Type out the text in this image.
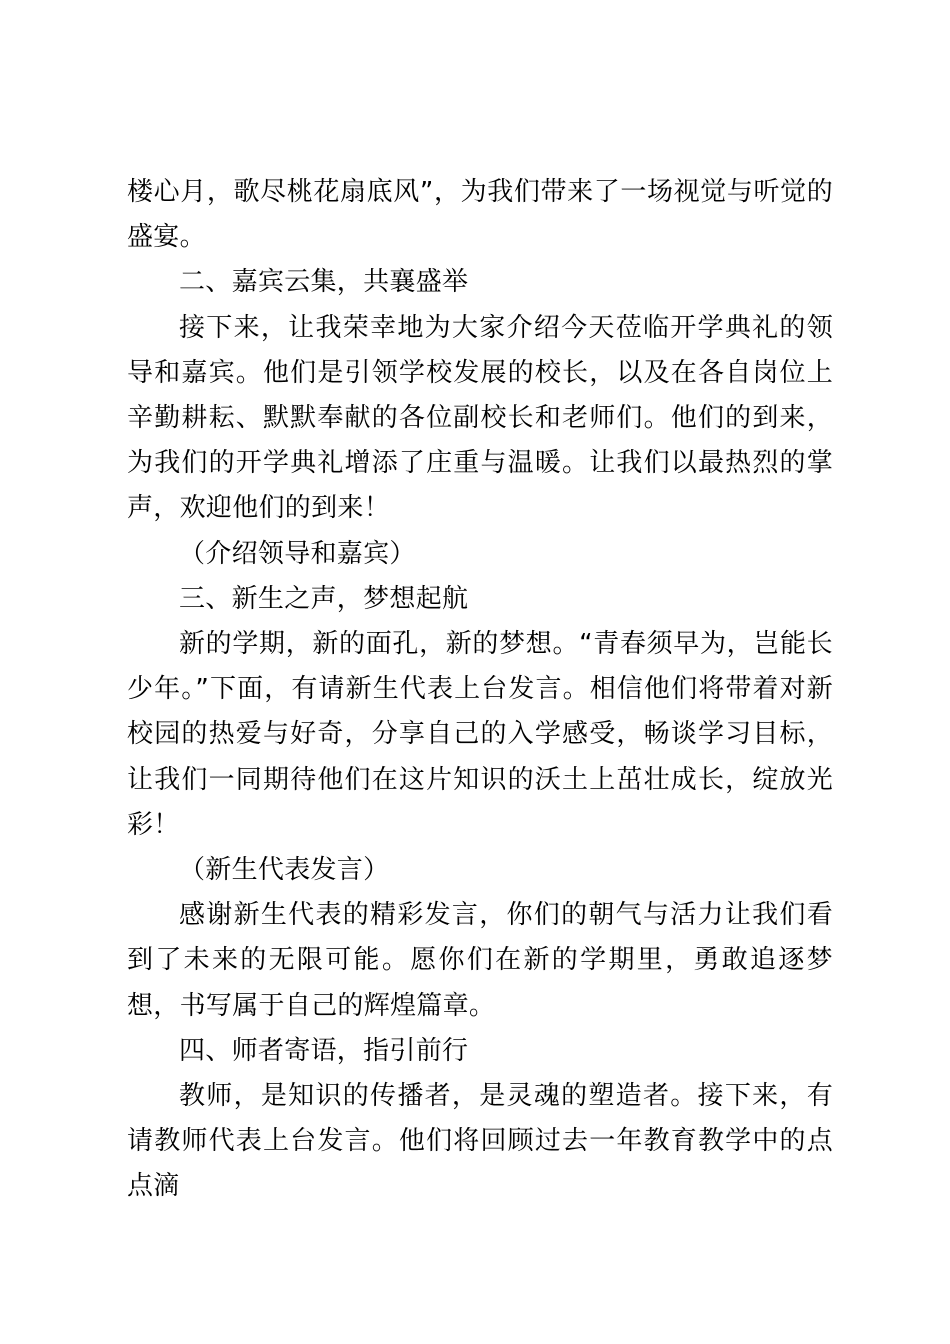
楼心月，歌尽桃花扇底风”，为我们带来了一场视觉与听觉的盛宴。

二、嘉宾云集，共襄盛举

接下来，让我荣幸地为大家介绍今天莅临开学典礼的领导和嘉宾。他们是引领学校发展的校长，以及在各自岗位上辛勤耕耘、默默奉献的各位副校长和老师们。他们的到来，为我们的开学典礼增添了庄重与温暖。让我们以最热烈的掌声，欢迎他们的到来！

（介绍领导和嘉宾）

三、新生之声，梦想起航

新的学期，新的面孔，新的梦想。“青春须早为，岂能长少年。”下面，有请新生代表上台发言。相信他们将带着对新校园的热爱与好奇，分享自己的入学感受，畅谈学习目标，让我们一同期待他们在这片知识的沃土上茁壮成长，绽放光彩！

（新生代表发言）

感谢新生代表的精彩发言，你们的朝气与活力让我们看到了未来的无限可能。愿你们在新的学期里，勇敢追逐梦想，书写属于自己的辉煌篇章。

四、师者寄语，指引前行

教师，是知识的传播者，是灵魂的塑造者。接下来，有请教师代表上台发言。他们将回顾过去一年教育教学中的点点滴
